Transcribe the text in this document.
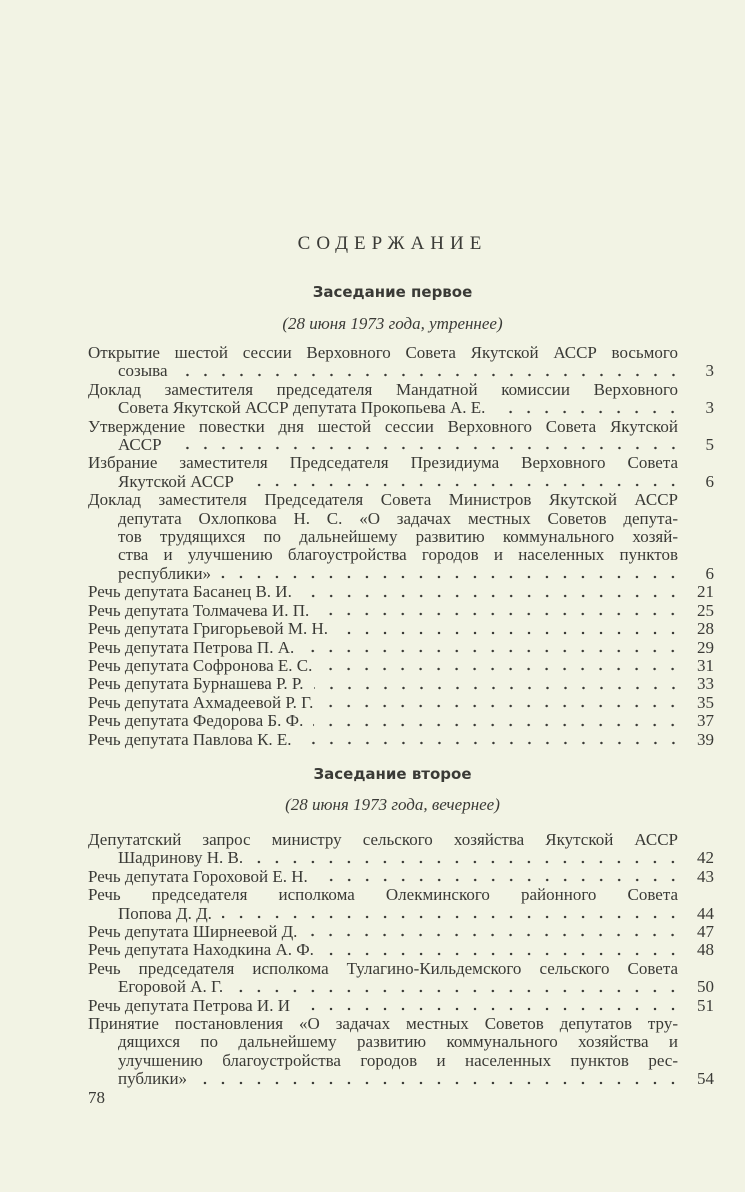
СОДЕРЖАНИЕ
Заседание первое
(28 июня 1973 года, утреннее)
Открытие шестой сессии Верховного Совета Якутской АССР восьмого
созыва	3
Доклад заместителя председателя Мандатной комиссии Верховного
Совета Якутской АССР депутата Прокопьева А. Е.	3
Утверждение повестки дня шестой сессии Верховного Совета Якутской
АССР	5
Избрание заместителя Председателя Президиума Верховного Совета
Якутской АССР	6
Доклад заместителя Председателя Совета Министров Якутской АССР
депутата Охлопкова Н. С. «О задачах местных Советов депута-
тов трудящихся по дальнейшему развитию коммунального хозяй-
ства и улучшению благоустройства городов и населенных пунктов
республики»	6
Речь депутата Басанец В. И.	21
Речь депутата Толмачева И. П.	25
Речь депутата Григорьевой М. Н.	28
Речь депутата Петрова П. А.	29
Речь депутата Софронова Е. С.	31
Речь депутата Бурнашева Р. Р.	33
Речь депутата Ахмадеевой Р. Г.	35
Речь депутата Федорова Б. Ф.	37
Речь депутата Павлова К. Е.	39
Заседание второе
(28 июня 1973 года, вечернее)
Депутатский запрос министру сельского хозяйства Якутской АССР
Шадринову Н. В.	42
Речь депутата Гороховой Е. Н.	43
Речь председателя исполкома Олекминского районного Совета
Попова Д. Д.	44
Речь депутата Ширнеевой Д.	47
Речь депутата Находкина А. Ф.	48
Речь председателя исполкома Тулагино-Кильдемского сельского Совета
Егоровой А. Г.	50
Речь депутата Петрова И. И	51
Принятие постановления «О задачах местных Советов депутатов тру-
дящихся по дальнейшему развитию коммунального хозяйства и
улучшению благоустройства городов и населенных пунктов рес-
публики»	54
78
